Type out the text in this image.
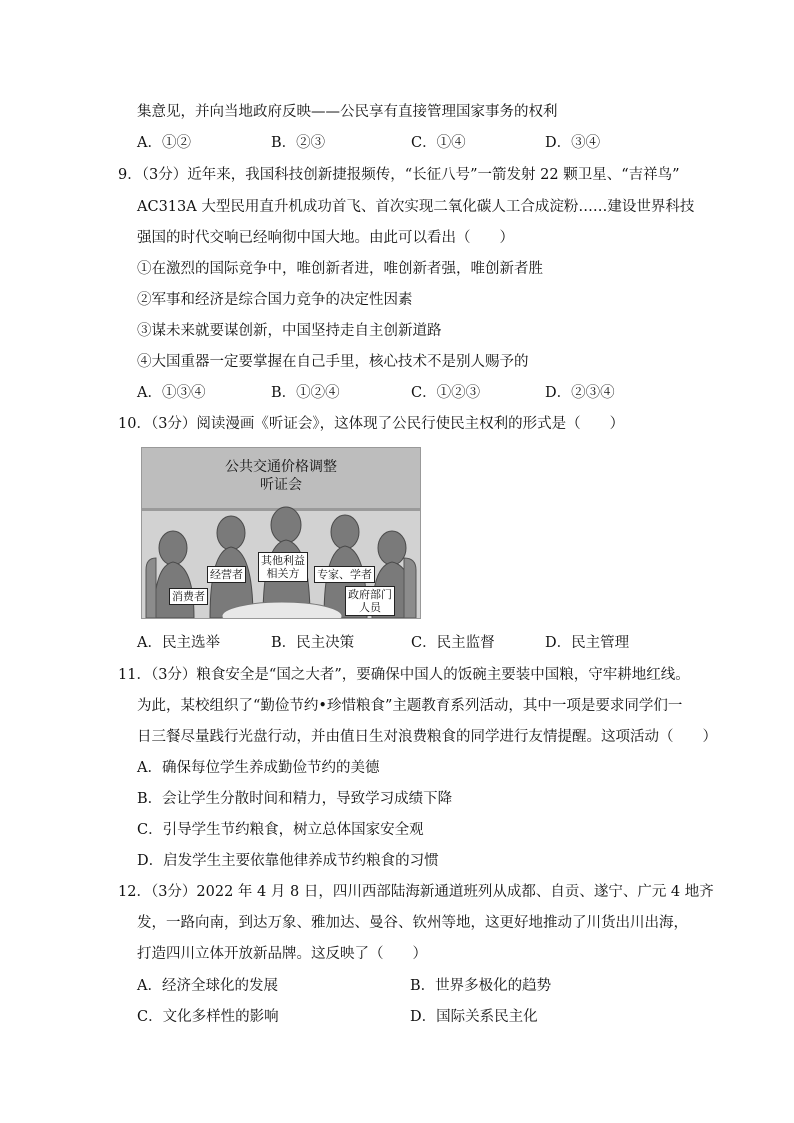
集意见，并向当地政府反映——公民享有直接管理国家事务的权利
A．①②	B．②③	C．①④	D．③④
9．（3分）近年来，我国科技创新捷报频传，“长征八号”一箭发射 22 颗卫星、“吉祥鸟”
AC313A 大型民用直升机成功首飞、首次实现二氧化碳人工合成淀粉……建设世界科技
强国的时代交响已经响彻中国大地。由此可以看出（　　）
①在激烈的国际竞争中，唯创新者进，唯创新者强，唯创新者胜
②军事和经济是综合国力竞争的决定性因素
③谋未来就要谋创新，中国坚持走自主创新道路
④大国重器一定要掌握在自己手里，核心技术不是别人赐予的
A．①③④	B．①②④	C．①②③	D．②③④
10．（3分）阅读漫画《听证会》，这体现了公民行使民主权利的形式是（　　）
公共交通价格调整
听证会
消费者
经营者
其他利益
相关方	专家、学者
政府部门
人员
A．民主选举	B．民主决策	C．民主监督	D．民主管理
11．（3分）粮食安全是“国之大者”，要确保中国人的饭碗主要装中国粮，守牢耕地红线。
为此，某校组织了“勤俭节约•珍惜粮食”主题教育系列活动，其中一项是要求同学们一
日三餐尽量践行光盘行动，并由值日生对浪费粮食的同学进行友情提醒。这项活动（　　）
A．确保每位学生养成勤俭节约的美德
B．会让学生分散时间和精力，导致学习成绩下降
C．引导学生节约粮食，树立总体国家安全观
D．启发学生主要依靠他律养成节约粮食的习惯
12．（3分）2022 年 4 月 8 日，四川西部陆海新通道班列从成都、自贡、遂宁、广元 4 地齐
发，一路向南，到达万象、雅加达、曼谷、钦州等地，这更好地推动了川货出川出海，
打造四川立体开放新品牌。这反映了（　　）
A．经济全球化的发展	B．世界多极化的趋势
C．文化多样性的影响	D．国际关系民主化
